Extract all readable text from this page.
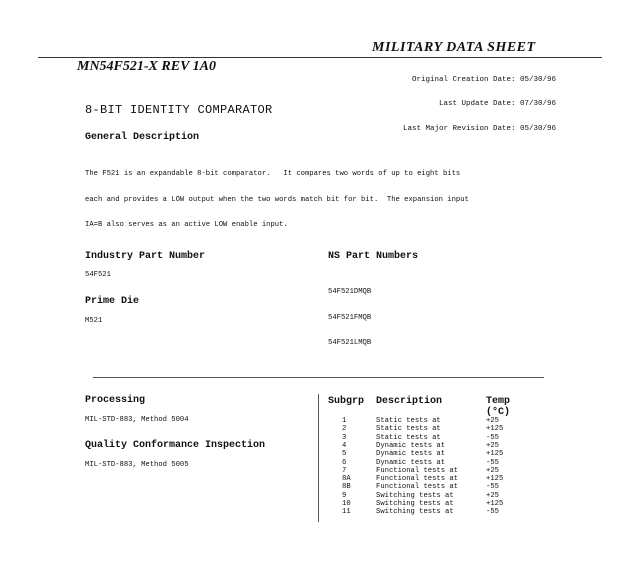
MILITARY DATA SHEET
MN54F521-X REV 1A0

Original Creation Date: 05/30/96

Last Update Date: 07/30/96

Last Major Revision Date: 05/30/96

8-BIT IDENTITY COMPARATOR
General Description

The F521 is an expandable 8-bit comparator.   It compares two words of up to eight bits

each and provides a LOW output when the two words match bit for bit.  The expansion input

IA=B also serves as an active LOW enable input.

Industry Part Number
54F521
NS Part Numbers

54F521DMQB

54F521FMQB

54F521LMQB

Prime Die
M521
Processing
MIL-STD-883, Method 5004
Quality Conformance Inspection
MIL-STD-883, Method 5005
Subgrp Description	Temp (°C)
1	Static tests at	+25
2	Static tests at	+125
3	Static tests at	-55
4	Dynamic tests at	+25
5	Dynamic tests at	+125
6	Dynamic tests at	-55
7	Functional tests at	+25
8A	Functional tests at	+125
8B	Functional tests at	-55
9	Switching tests at	+25
10	Switching tests at	+125
11	Switching tests at	-55
